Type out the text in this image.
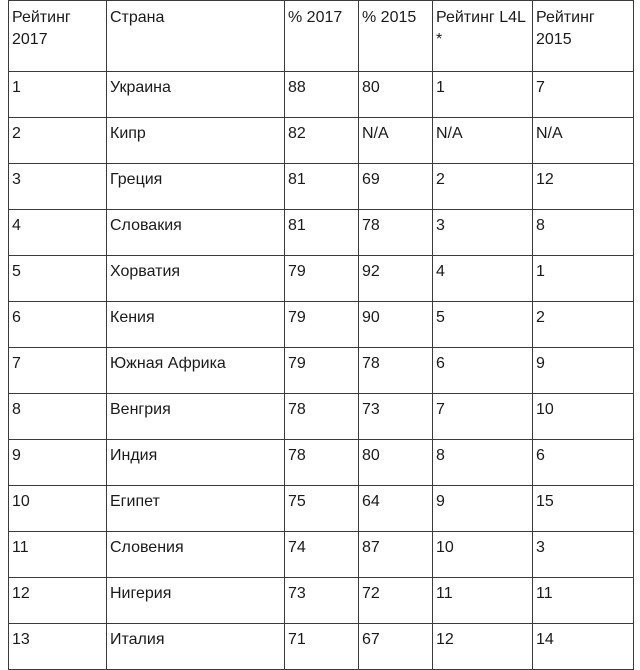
Рейтинг 2017	Страна	% 2017	% 2015	Рейтинг L4L *	Рейтинг 2015
1	Украина	88	80	1	7
2	Кипр	82	N/A	N/A	N/A
3	Греция	81	69	2	12
4	Словакия	81	78	3	8
5	Хорватия	79	92	4	1
6	Кения	79	90	5	2
7	Южная Африка	79	78	6	9
8	Венгрия	78	73	7	10
9	Индия	78	80	8	6
10	Египет	75	64	9	15
11	Словения	74	87	10	3
12	Нигерия	73	72	11	11
13	Италия	71	67	12	14
